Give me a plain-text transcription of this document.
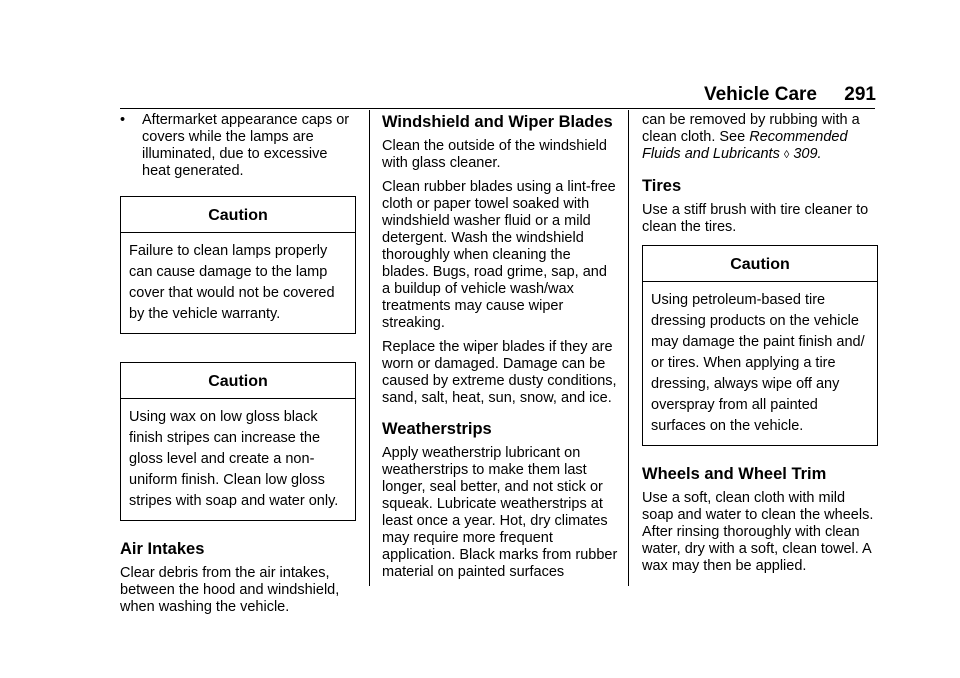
Vehicle Care 291
•	Aftermarket appearance caps or covers while the lamps are illuminated, due to excessive heat generated.
Caution
Failure to clean lamps properly can cause damage to the lamp cover that would not be covered by the vehicle warranty.
Caution
Using wax on low gloss black finish stripes can increase the gloss level and create a non-uniform finish. Clean low gloss stripes with soap and water only.
Air Intakes

Clear debris from the air intakes, between the hood and windshield, when washing the vehicle.

Windshield and Wiper Blades

Clean the outside of the windshield with glass cleaner.

Clean rubber blades using a lint-free cloth or paper towel soaked with windshield washer fluid or a mild detergent. Wash the windshield thoroughly when cleaning the blades. Bugs, road grime, sap, and a buildup of vehicle wash/wax treatments may cause wiper streaking.

Replace the wiper blades if they are worn or damaged. Damage can be caused by extreme dusty conditions, sand, salt, heat, sun, snow, and ice.

Weatherstrips

Apply weatherstrip lubricant on weatherstrips to make them last longer, seal better, and not stick or squeak. Lubricate weatherstrips at least once a year. Hot, dry climates may require more frequent application. Black marks from rubber material on painted surfaces

can be removed by rubbing with a clean cloth. See Recommended Fluids and Lubricants ◊ 309.

Tires

Use a stiff brush with tire cleaner to clean the tires.

Caution
Using petroleum-based tire dressing products on the vehicle may damage the paint finish and/ or tires. When applying a tire dressing, always wipe off any overspray from all painted surfaces on the vehicle.
Wheels and Wheel Trim

Use a soft, clean cloth with mild soap and water to clean the wheels. After rinsing thoroughly with clean water, dry with a soft, clean towel. A wax may then be applied.
